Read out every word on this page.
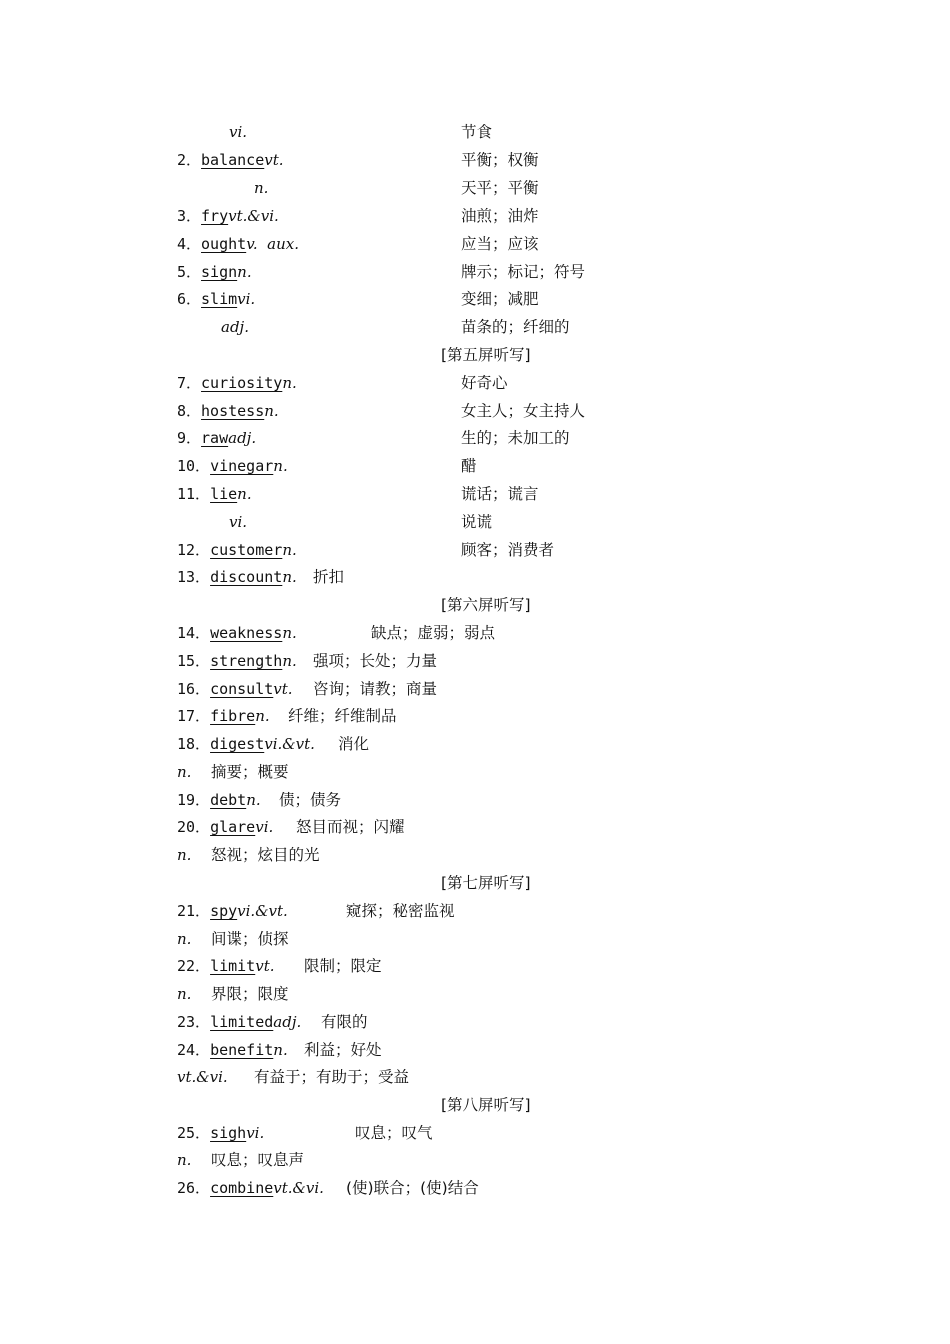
vi.	节食
2．balancevt.	平衡；权衡
n.	天平；平衡
3．fryvt.&vi.	油煎；油炸
4．oughtv.  aux.	应当；应该
5．signn.	牌示；标记；符号
6．slimvi.	变细；减肥
adj.	苗条的；纤细的
[第五屏听写]
7．curiosityn.	好奇心
8．hostessn.	女主人；女主持人
9．rawadj.	生的；未加工的
10．vinegarn.	醋
11．lien.	谎话；谎言
vi.	说谎
12．customern.	顾客；消费者
13．discountn. 折扣
[第六屏听写]
14．weaknessn.	缺点；虚弱；弱点
15．strengthn. 强项；长处；力量
16．consultvt. 咨询；请教；商量
17．fibren. 纤维；纤维制品
18．digestvi.&vt. 消化
n. 摘要；概要
19．debtn. 债；债务
20．glarevi. 怒目而视；闪耀
n. 怒视；炫目的光
[第七屏听写]
21．spyvi.&vt.	窥探；秘密监视
n. 间谍；侦探
22．limitvt. 限制；限定
n. 界限；限度
23．limitedadj. 有限的
24．benefitn. 利益；好处
vt.&vi. 有益于；有助于；受益
[第八屏听写]
25．sighvi.	叹息；叹气
n. 叹息；叹息声
26．combinevt.&vi. (使)联合；(使)结合
